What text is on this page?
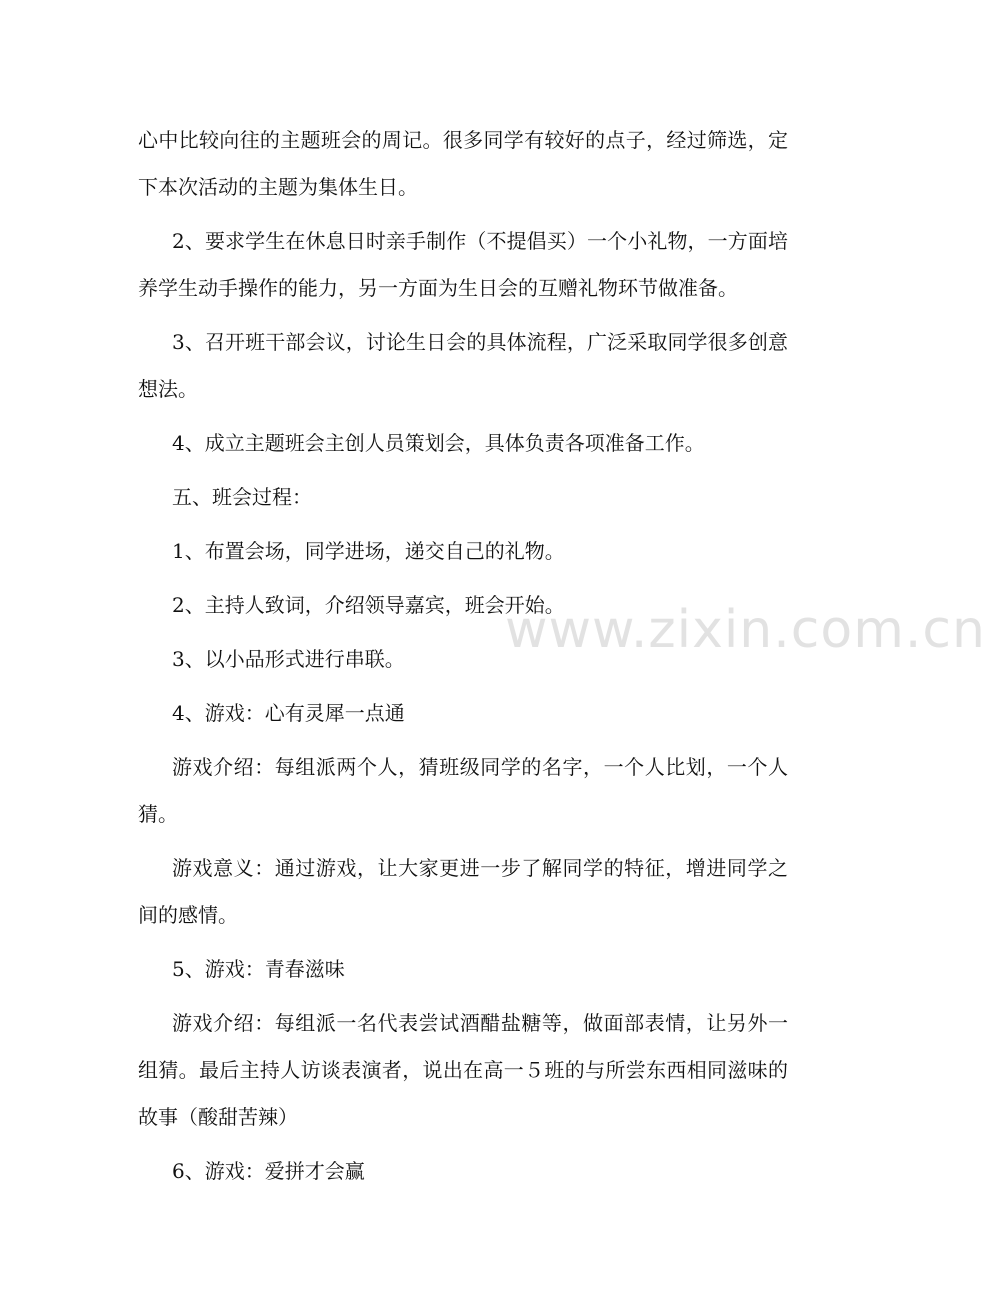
心中比较向往的主题班会的周记。很多同学有较好的点子，经过筛选，定下本次活动的主题为集体生日。

2、要求学生在休息日时亲手制作（不提倡买）一个小礼物，一方面培养学生动手操作的能力，另一方面为生日会的互赠礼物环节做准备。

3、召开班干部会议，讨论生日会的具体流程，广泛采取同学很多创意想法。

4、成立主题班会主创人员策划会，具体负责各项准备工作。

五、班会过程：

1、布置会场，同学进场，递交自己的礼物。

2、主持人致词，介绍领导嘉宾，班会开始。

3、以小品形式进行串联。

4、游戏：心有灵犀一点通

游戏介绍：每组派两个人，猜班级同学的名字，一个人比划，一个人猜。

游戏意义：通过游戏，让大家更进一步了解同学的特征，增进同学之间的感情。

5、游戏：青春滋味

游戏介绍：每组派一名代表尝试酒醋盐糖等，做面部表情，让另外一组猜。最后主持人访谈表演者，说出在高一５班的与所尝东西相同滋味的故事（酸甜苦辣）

6、游戏：爱拼才会赢

www.zixin.com.cn
